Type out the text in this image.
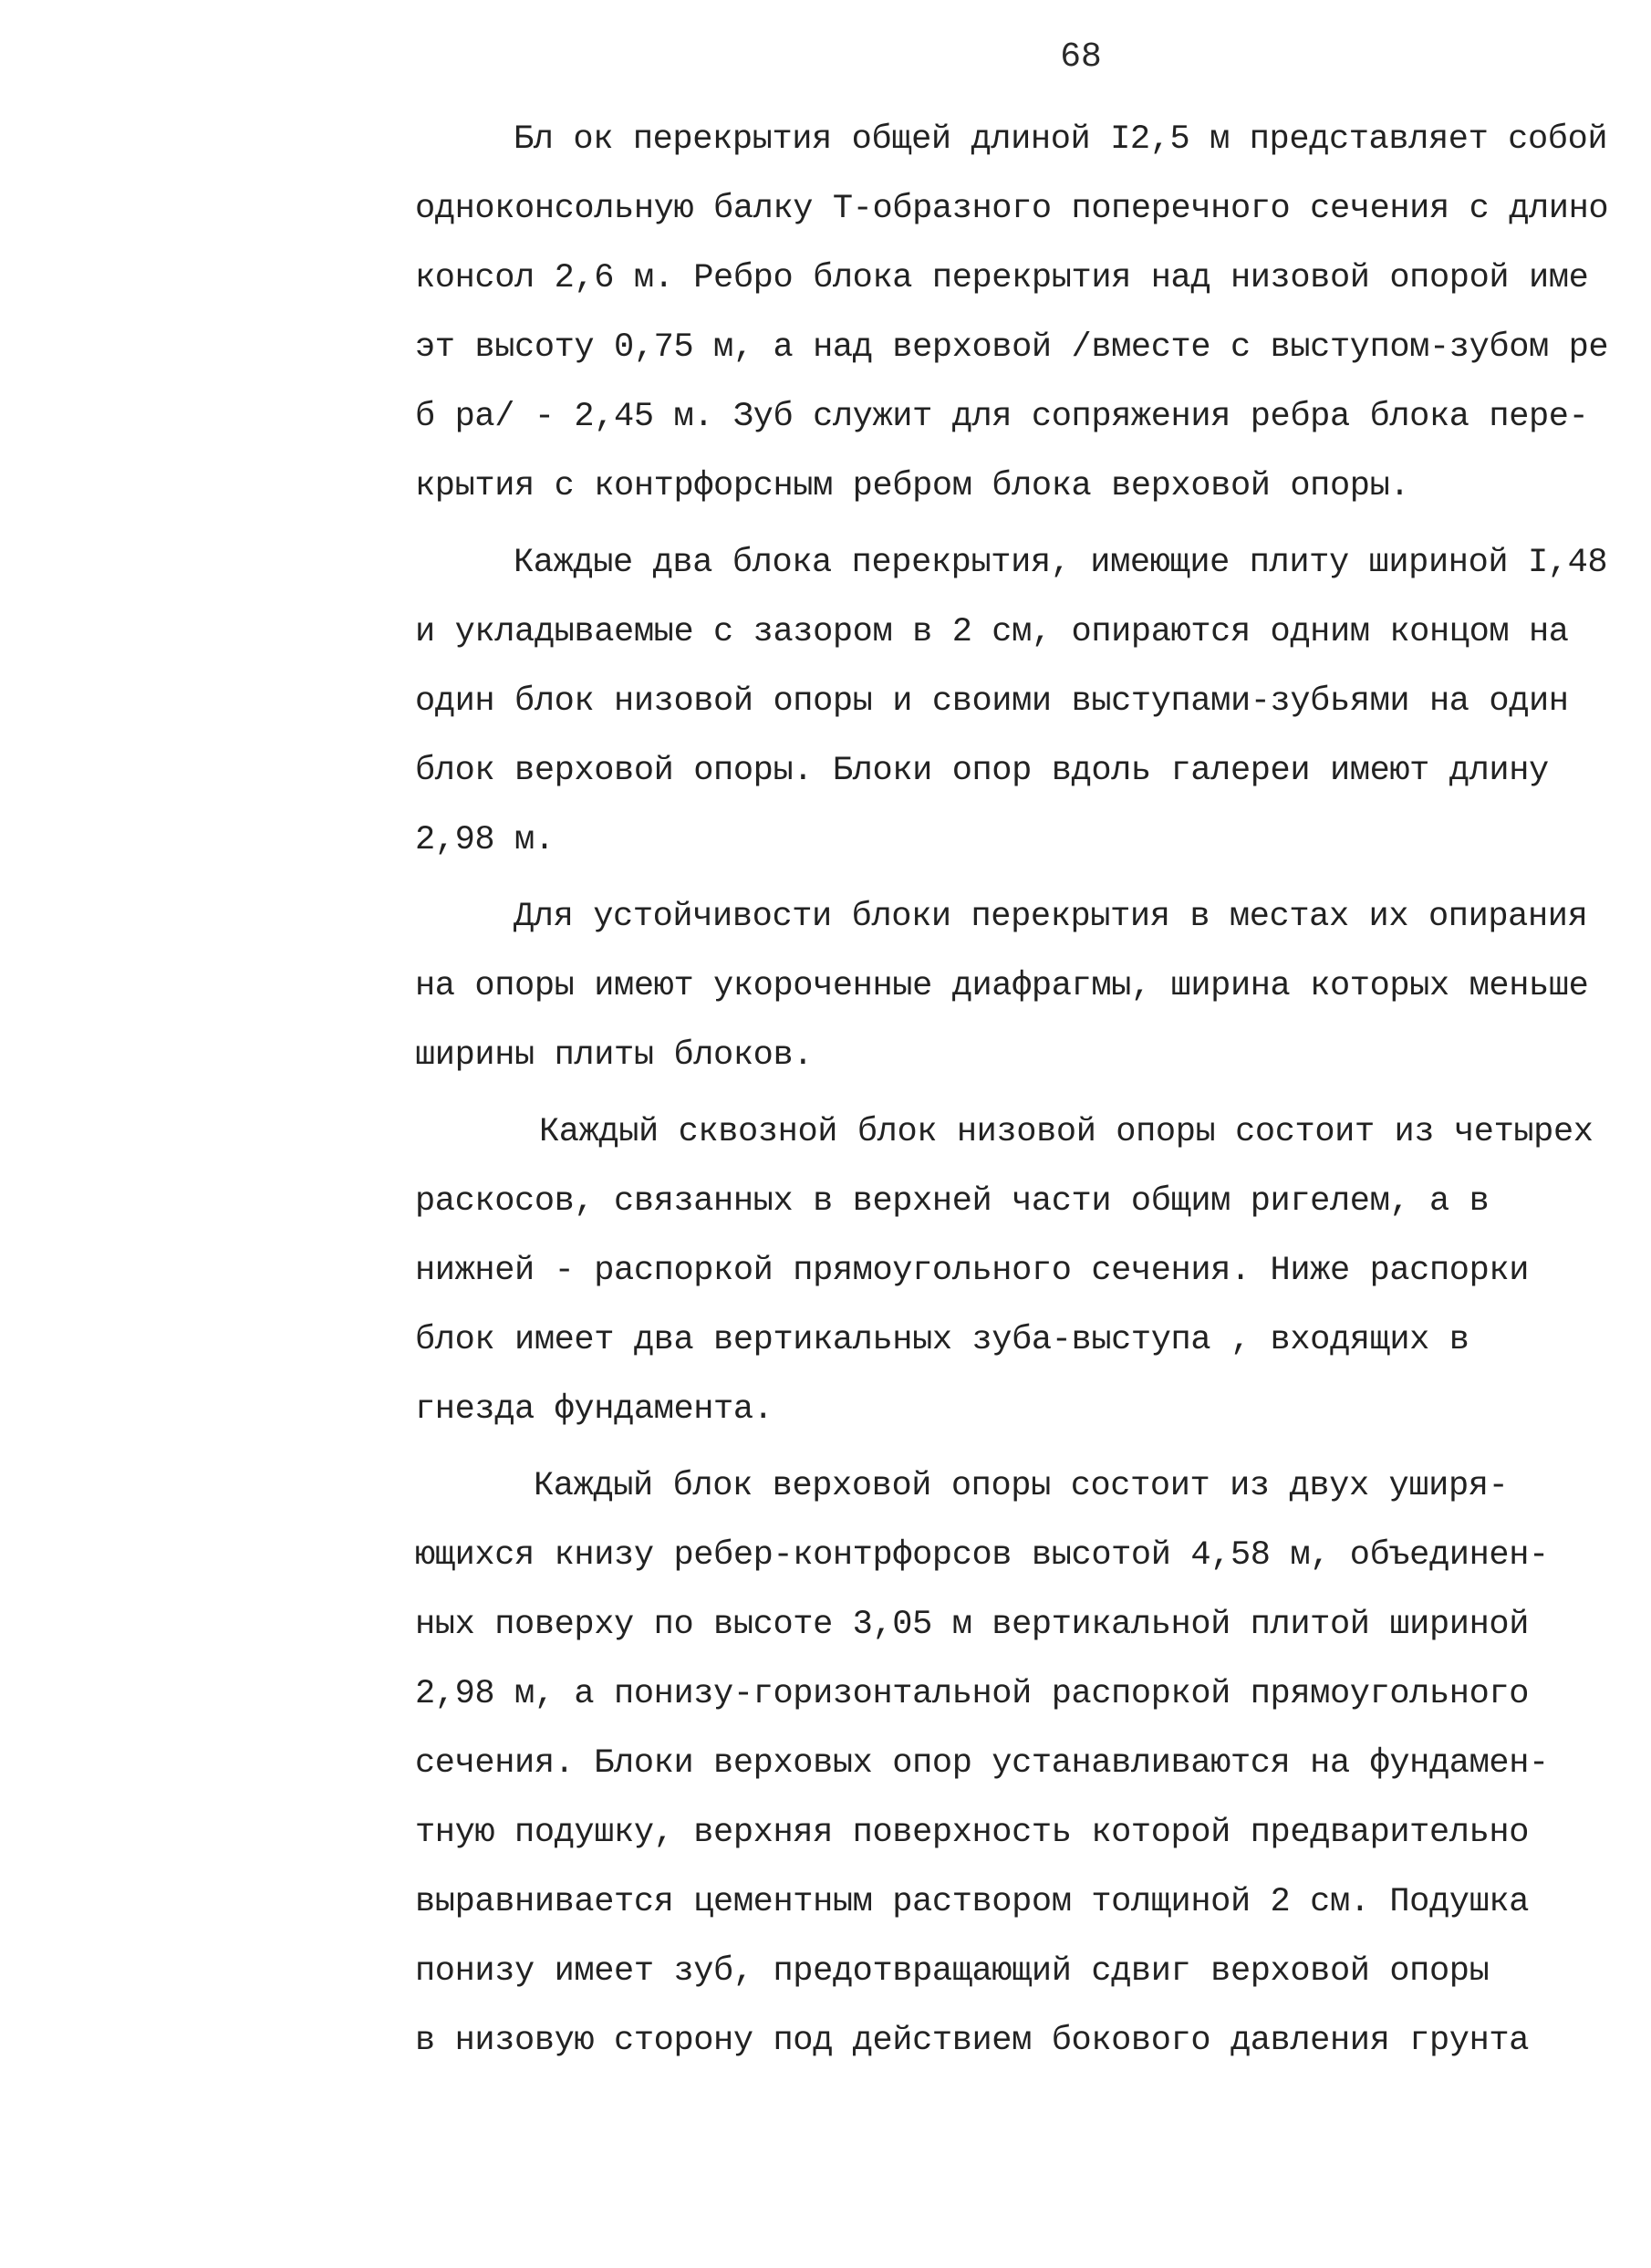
68
Бл ок перекрытия общей длиной I2,5 м представляет собой
одноконсольную балку Т-образного поперечного сечения с длино
консол 2,6 м. Ребро блока перекрытия над низовой опорой име
эт высоту 0,75 м, а над верховой /вместе с выступом-зубом ре
б ра/ - 2,45 м. Зуб служит для сопряжения ребра блока пере-
крытия с контрфорсным ребром блока верховой опоры.
Каждые два блока перекрытия, имеющие плиту шириной I,48
и укладываемые с зазором в 2 см, опираются одним концом на
один блок низовой опоры и своими выступами-зубьями на один
блок верховой опоры. Блоки опор вдоль галереи имеют длину
2,98 м.
Для устойчивости блоки перекрытия в местах их опирания
на опоры имеют укороченные диафрагмы, ширина которых меньше
ширины плиты блоков.
Каждый сквозной блок низовой опоры состоит из четырех
раскосов, связанных в верхней части общим ригелем, а в
нижней - распоркой прямоугольного сечения. Ниже распорки
блок имеет два вертикальных зуба-выступа , входящих в
гнезда фундамента.
Каждый блок верховой опоры состоит из двух ушиpя-
ющихся книзу ребер-контрфорсов высотой 4,58 м, объединен-
ных поверху по высоте 3,05 м вертикальной плитой шириной
2,98 м, а понизу-горизонтальной распоркой прямоугольного
сечения. Блоки верховых опор устанавливаются на фундамен-
тную подушку, верхняя поверхность которой предварительно
выравнивается цементным раствором толщиной 2 см. Подушка
понизу имеет зуб, предотвращающий сдвиг верховой опоры
в низовую сторону под действием бокового давления грунта
